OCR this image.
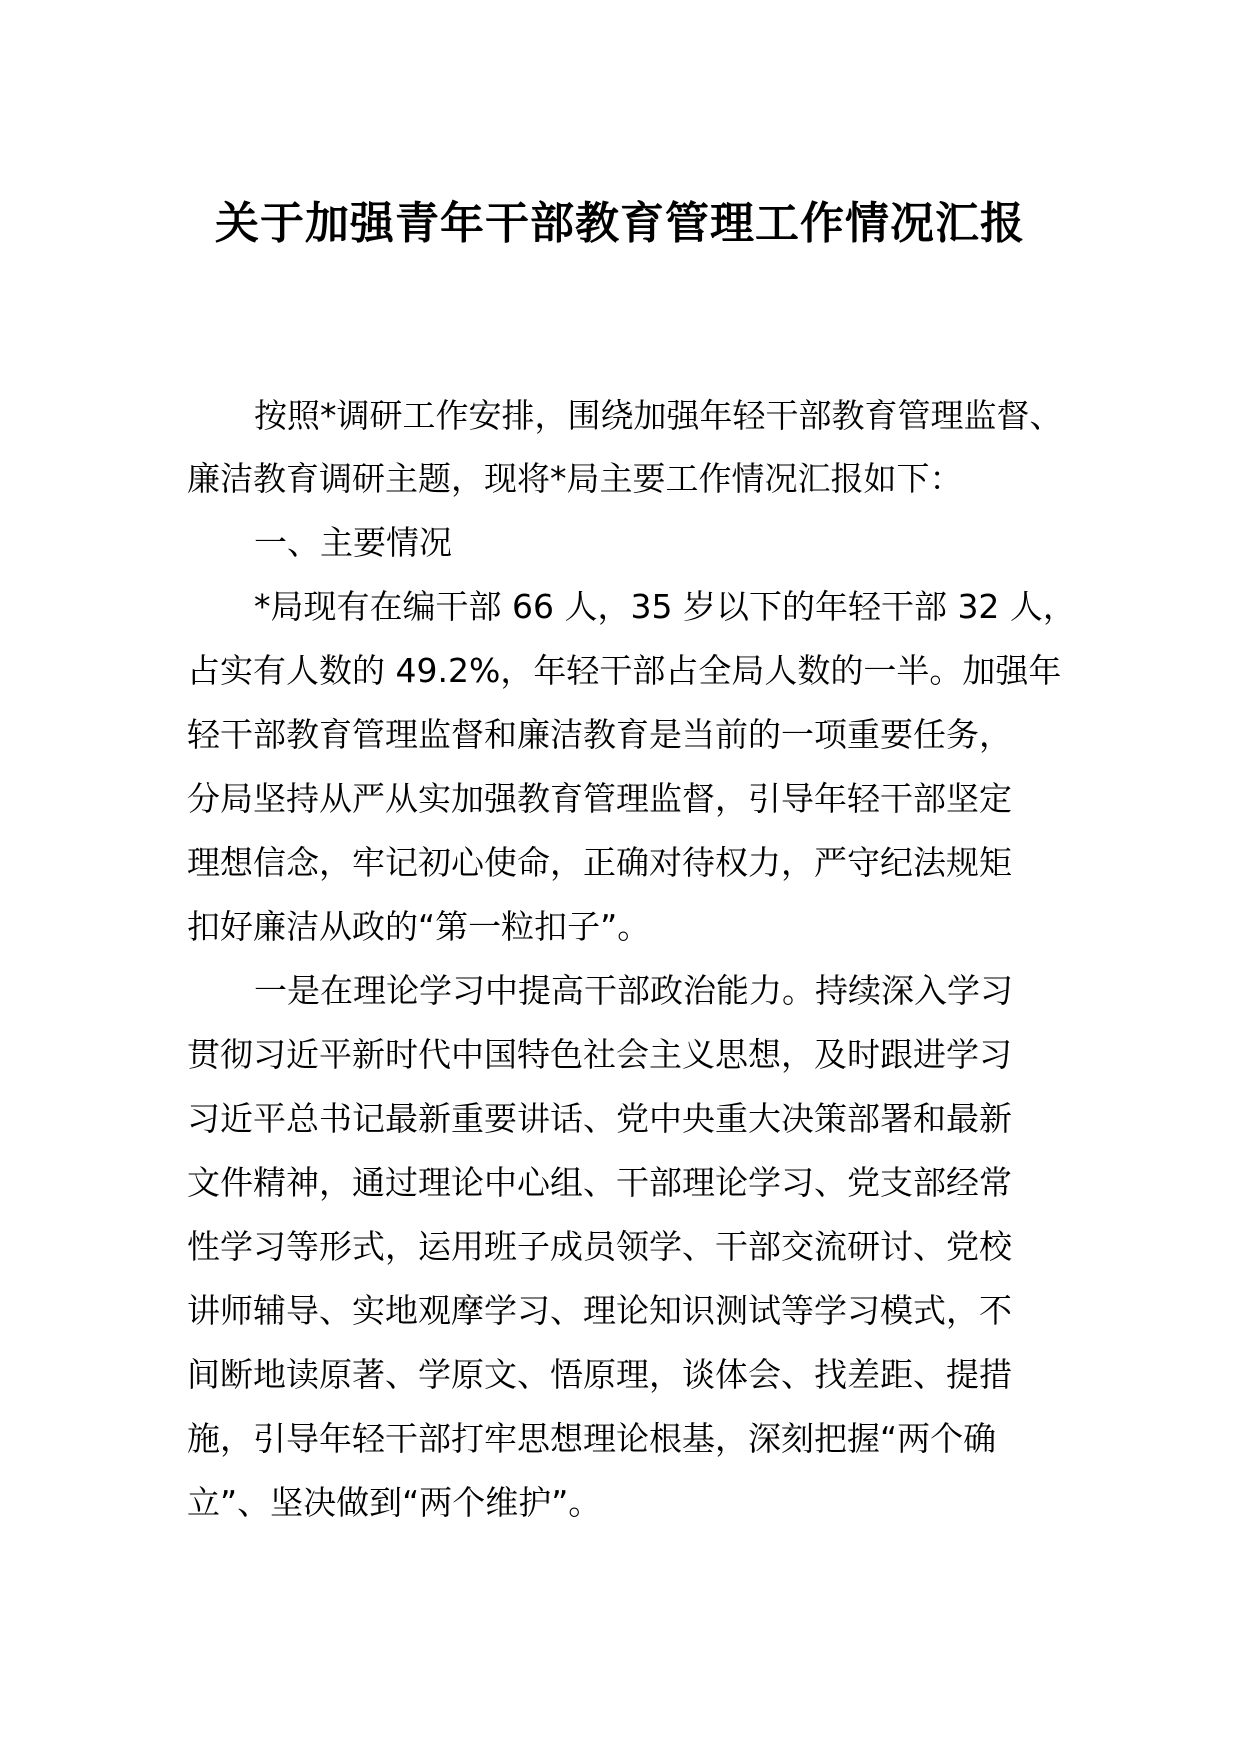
关于加强青年干部教育管理工作情况汇报
按照*调研工作安排，围绕加强年轻干部教育管理监督、
廉洁教育调研主题，现将*局主要工作情况汇报如下：
一、主要情况
*局现有在编干部 66 人，35 岁以下的年轻干部 32 人，
占实有人数的 49.2%，年轻干部占全局人数的一半。加强年
轻干部教育管理监督和廉洁教育是当前的一项重要任务，
分局坚持从严从实加强教育管理监督，引导年轻干部坚定
理想信念，牢记初心使命，正确对待权力，严守纪法规矩
扣好廉洁从政的“第一粒扣子”。
一是在理论学习中提高干部政治能力。持续深入学习
贯彻习近平新时代中国特色社会主义思想，及时跟进学习
习近平总书记最新重要讲话、党中央重大决策部署和最新
文件精神，通过理论中心组、干部理论学习、党支部经常
性学习等形式，运用班子成员领学、干部交流研讨、党校
讲师辅导、实地观摩学习、理论知识测试等学习模式，不
间断地读原著、学原文、悟原理，谈体会、找差距、提措
施，引导年轻干部打牢思想理论根基，深刻把握“两个确
立”、坚决做到“两个维护”。
